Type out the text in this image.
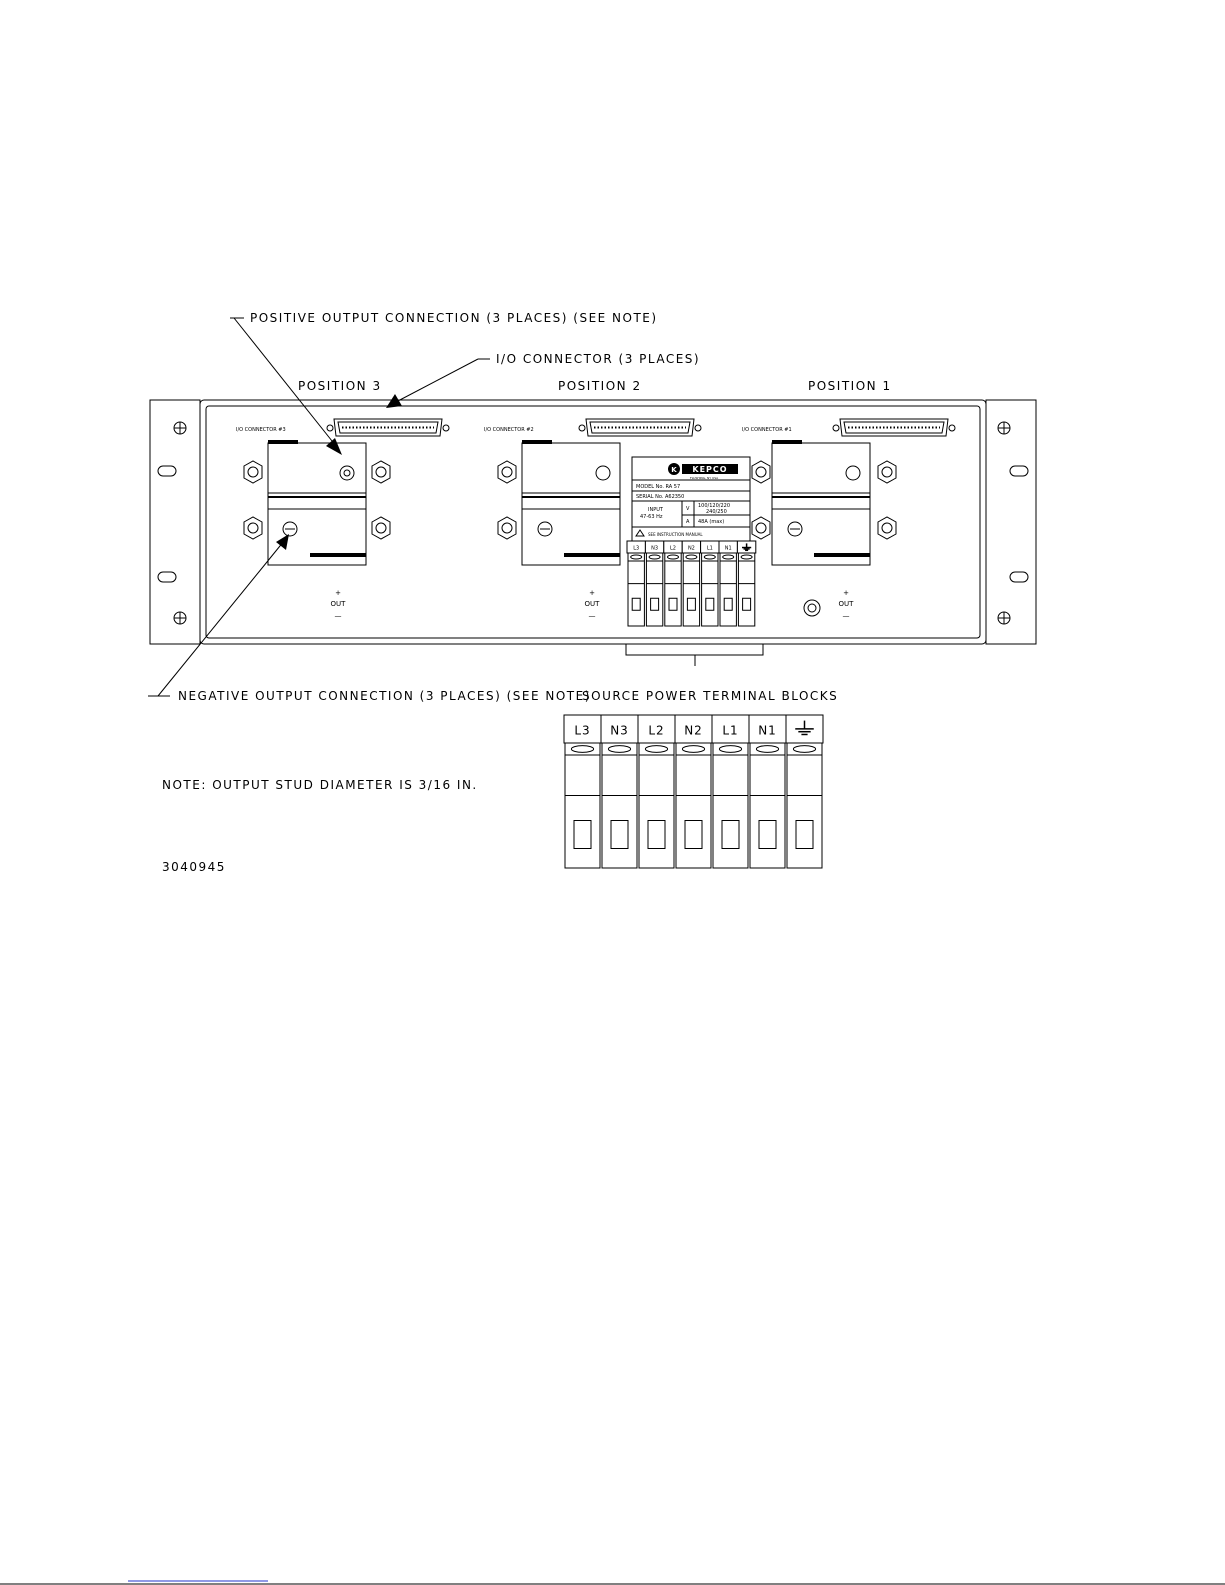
POSITIVE OUTPUT CONNECTION (3 PLACES) (SEE NOTE)
I/O CONNECTOR (3 PLACES)
POSITION 3	POSITION 2	POSITION 1
I/O CONNECTOR #3
+
OUT
—
I/O CONNECTOR #2
+
OUT
—
I/O CONNECTOR #1
+
OUT
—
K KEPCO
FLUSHING, NY USA
MODEL No. RA 57
SERIAL No. A62350
INPUT
47-63 Hz
V 100/120/220
240/250
A 48A (max)
SEE INSTRUCTION MANUAL
L3 N3 L2 N2 L1 N1
NEGATIVE OUTPUT CONNECTION (3 PLACES) (SEE NOTE)
SOURCE POWER TERMINAL BLOCKS
L3 N3 L2 N2 L1 N1
NOTE: OUTPUT STUD DIAMETER IS 3/16 IN.
3040945
